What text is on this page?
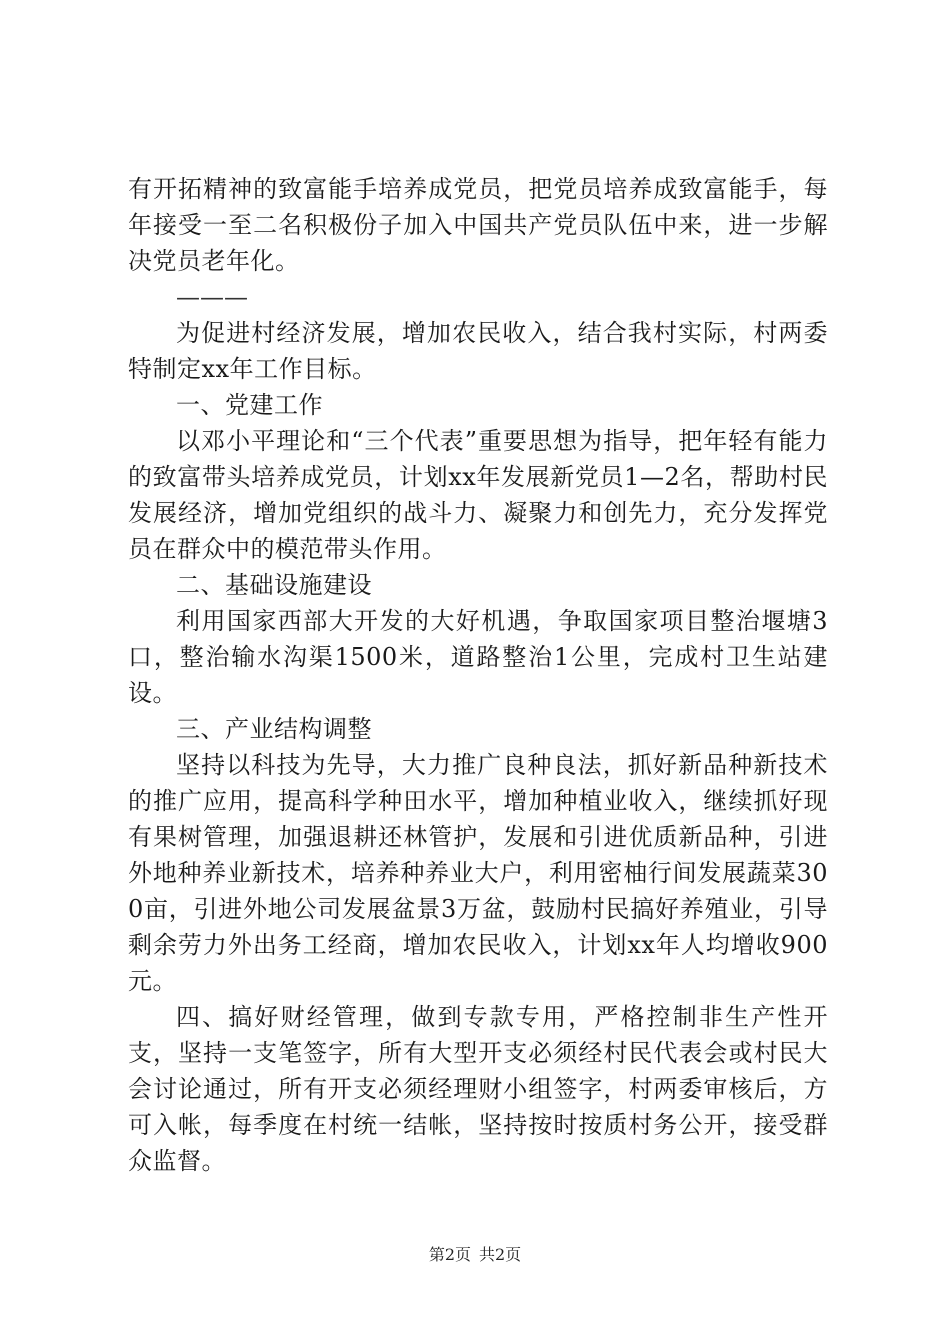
有开拓精神的致富能手培养成党员，把党员培养成致富能手，每年接受一至二名积极份子加入中国共产党员队伍中来，进一步解决党员老年化。

———

为促进村经济发展，增加农民收入，结合我村实际，村两委特制定xx年工作目标。

一、党建工作

以邓小平理论和“三个代表”重要思想为指导，把年轻有能力的致富带头培养成党员，计划xx年发展新党员1—2名，帮助村民发展经济，增加党组织的战斗力、凝聚力和创先力，充分发挥党员在群众中的模范带头作用。

二、基础设施建设

利用国家西部大开发的大好机遇，争取国家项目整治堰塘3口，整治输水沟渠1500米，道路整治1公里，完成村卫生站建设。

三、产业结构调整

坚持以科技为先导，大力推广良种良法，抓好新品种新技术的推广应用，提高科学种田水平，增加种植业收入，继续抓好现有果树管理，加强退耕还林管护，发展和引进优质新品种，引进外地种养业新技术，培养种养业大户，利用密柚行间发展蔬菜300亩，引进外地公司发展盆景3万盆，鼓励村民搞好养殖业，引导剩余劳力外出务工经商，增加农民收入，计划xx年人均增收900元。

四、搞好财经管理，做到专款专用，严格控制非生产性开支，坚持一支笔签字，所有大型开支必须经村民代表会或村民大会讨论通过，所有开支必须经理财小组签字，村两委审核后，方可入帐，每季度在村统一结帐，坚持按时按质村务公开，接受群众监督。

第2页 共2页
